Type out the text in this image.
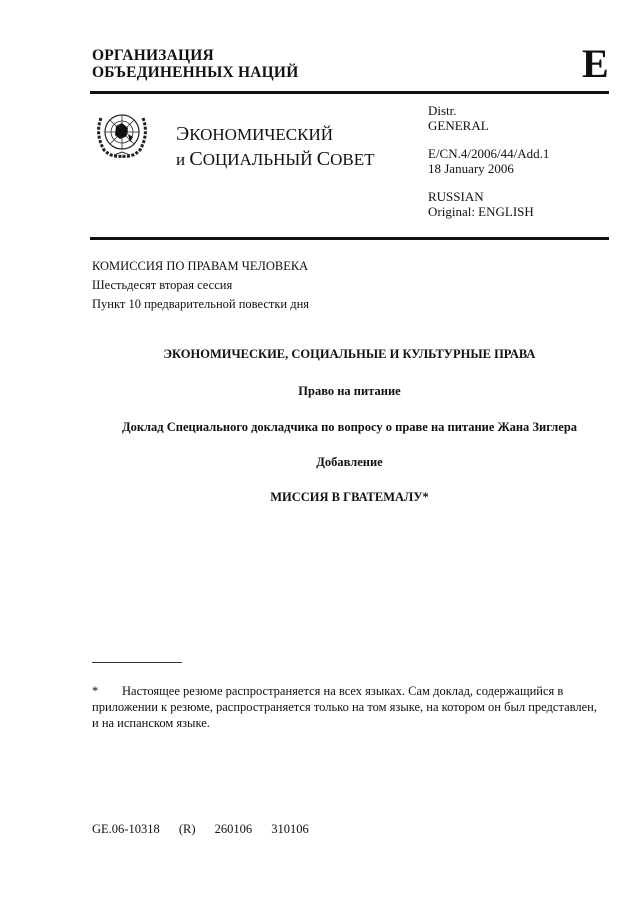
ОРГАНИЗАЦИЯ
ОБЪЕДИНЕННЫХ НАЦИЙ	E
ЭКОНОМИЧЕСКИЙ
и СОЦИАЛЬНЫЙ СОВЕТ
Distr.
GENERAL
E/CN.4/2006/44/Add.1
18 January 2006
RUSSIAN
Original: ENGLISH
КОМИССИЯ ПО ПРАВАМ ЧЕЛОВЕКА
Шестьдесят вторая сессия
Пункт 10 предварительной повестки дня
ЭКОНОМИЧЕСКИЕ, СОЦИАЛЬНЫЕ И КУЛЬТУРНЫЕ ПРАВА
Право на питание
Доклад Специального докладчика по вопросу о праве на питание Жана Зиглера
Добавление
МИССИЯ В ГВАТЕМАЛУ*
* Настоящее резюме распространяется на всех языках. Сам доклад, содержащийся в приложении к резюме, распространяется только на том языке, на котором он был представлен, и на испанском языке.
GE.06-10318 (R) 260106 310106
